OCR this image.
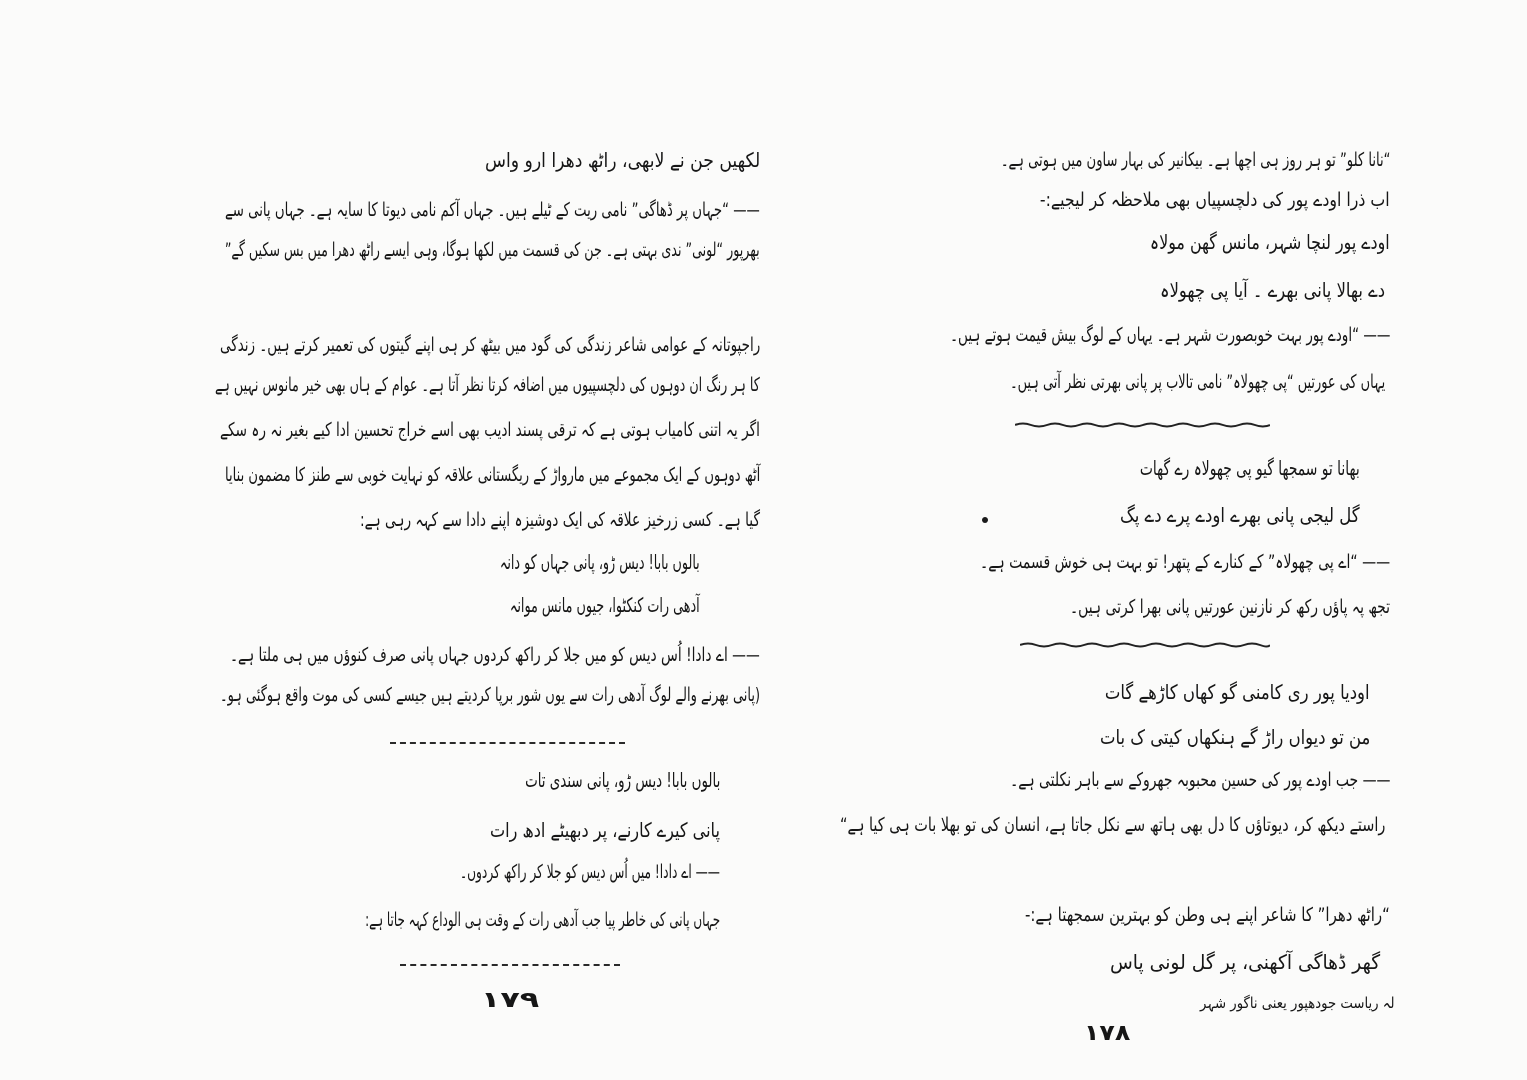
لکھیں جن نے لابھی، راٹھ دھرا ارو واس
—— “جہاں پر ڈھاگی” نامی ریت کے ٹیلے ہیں۔ جہاں آکم نامی دیوتا کا سایہ ہے۔ جہاں پانی سے
بھرپور “لونی” ندی بہتی ہے۔ جن کی قسمت میں لکھا ہوگا، وہی ایسے راٹھ دھرا میں بس سکیں گے”
راجپوتانہ کے عوامی شاعر زندگی کی گود میں بیٹھ کر ہی اپنے گیتوں کی تعمیر کرتے ہیں۔ زندگی
کا ہر رنگ ان دوہوں کی دلچسپیوں میں اضافہ کرتا نظر آتا ہے۔ عوام کے ہاں بھی خیر مانوس نہیں ہے
اگر یہ اتنی کامیاب ہوتی ہے کہ ترقی پسند ادیب بھی اسے خراج تحسین ادا کیے بغیر نہ رہ سکے
آٹھ دوہوں کے ایک مجموعے میں مارواڑ کے ریگستانی علاقہ کو نہایت خوبی سے طنز کا مضمون بنایا
گیا ہے۔ کسی زرخیز علاقہ کی ایک دوشیزہ اپنے دادا سے کہہ رہی ہے:
بالوں بابا! دیس ڑو، پانی جہاں کو دانہ
آدھی رات کنکٹوا، جیوں مانس موانہ
—— اے دادا! اُس دیس کو میں جلا کر راکھ کردوں جہاں پانی صرف کنوؤں میں ہی ملتا ہے۔
(پانی بھرنے والے لوگ آدھی رات سے یوں شور برپا کردیتے ہیں جیسے کسی کی موت واقع ہوگئی ہو۔
بالوں بابا! دیس ڑو، پانی سندی تات
پانی کیرے کارنے، پر دبھیٹے ادھ رات
—— اے دادا! میں اُس دیس کو جلا کر راکھ کردوں۔
جہاں پانی کی خاطر پیا جب آدھی رات کے وقت ہی الوداع کہہ جاتا ہے:
۱۷۹
“نانا کلو” تو ہر روز ہی اچھا ہے۔ بیکانیر کی بہار ساون میں ہوتی ہے۔
اب ذرا اودے پور کی دلچسپیاں بھی ملاحظہ کر لیجیے:-
اودے پور لنچا شہر، مانس گھن مولاہ
دے بھالا پانی بھرے ۔ آیا پی چھولاہ
—— “اودے پور بہت خوبصورت شہر ہے۔ یہاں کے لوگ بیش قیمت ہوتے ہیں۔
یہاں کی عورتیں “پی چھولاہ” نامی تالاب پر پانی بھرتی نظر آتی ہیں۔
بھانا تو سمجھا گیو پی چھولاہ رے گھات
گل لیجی پانی بھرے اودے پرے دے پگ
—— “اے پی چھولاہ” کے کنارے کے پتھر! تو بہت ہی خوش قسمت ہے۔
تجھ پہ پاؤں رکھ کر نازنین عورتیں پانی بھرا کرتی ہیں۔
اودیا پور ری کامنی گو کھاں کاڑھے گات
من تو دیواں راڑ گے ہنکھاں کیتی ک بات
—— جب اودے پور کی حسین محبوبہ جھروکے سے باہر نکلتی ہے۔
راستے دیکھ کر، دیوتاؤں کا دل بھی ہاتھ سے نکل جاتا ہے، انسان کی تو بھلا بات ہی کیا ہے“
“راٹھ دھرا” کا شاعر اپنے ہی وطن کو بہترین سمجھتا ہے:-
گھر ڈھاگی آکھنی، پر گل لونی پاس
لہ ریاست جودھپور یعنی ناگور شہر
۱۷۸
